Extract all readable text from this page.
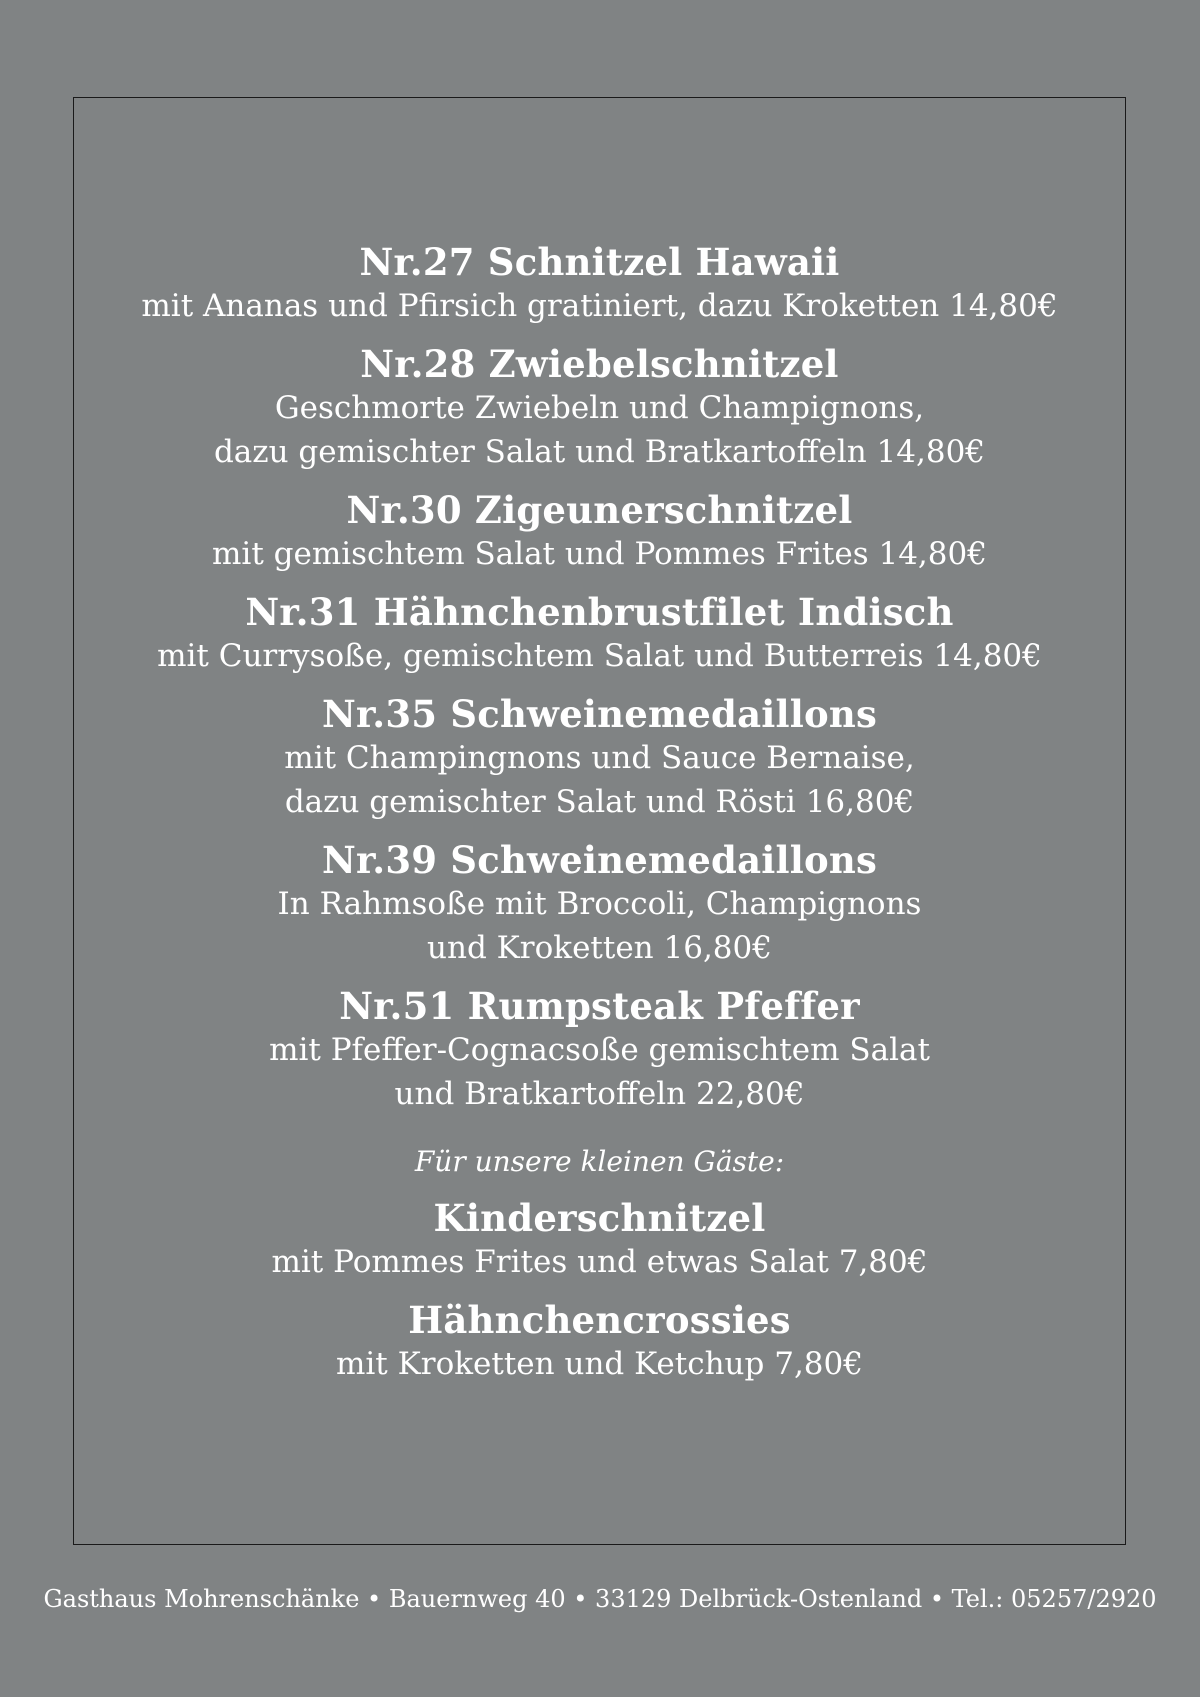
Nr.27 Schnitzel Hawaii
mit Ananas und Pfirsich gratiniert, dazu Kroketten 14,80€
Nr.28 Zwiebelschnitzel
Geschmorte Zwiebeln und Champignons,
dazu gemischter Salat und Bratkartoffeln 14,80€
Nr.30 Zigeunerschnitzel
mit gemischtem Salat und Pommes Frites 14,80€
Nr.31 Hähnchenbrustfilet Indisch
mit Currysoße, gemischtem Salat und Butterreis 14,80€
Nr.35 Schweinemedaillons
mit Champingnons und Sauce Bernaise,
dazu gemischter Salat und Rösti 16,80€
Nr.39 Schweinemedaillons
In Rahmsoße mit Broccoli, Champignons
und Kroketten 16,80€
Nr.51 Rumpsteak Pfeffer
mit Pfeffer-Cognacsoße gemischtem Salat
und Bratkartoffeln 22,80€
Für unsere kleinen Gäste:
Kinderschnitzel
mit Pommes Frites und etwas Salat 7,80€
Hähnchencrossies
mit Kroketten und Ketchup 7,80€
Gasthaus Mohrenschänke • Bauernweg 40 • 33129 Delbrück-Ostenland • Tel.: 05257/2920
